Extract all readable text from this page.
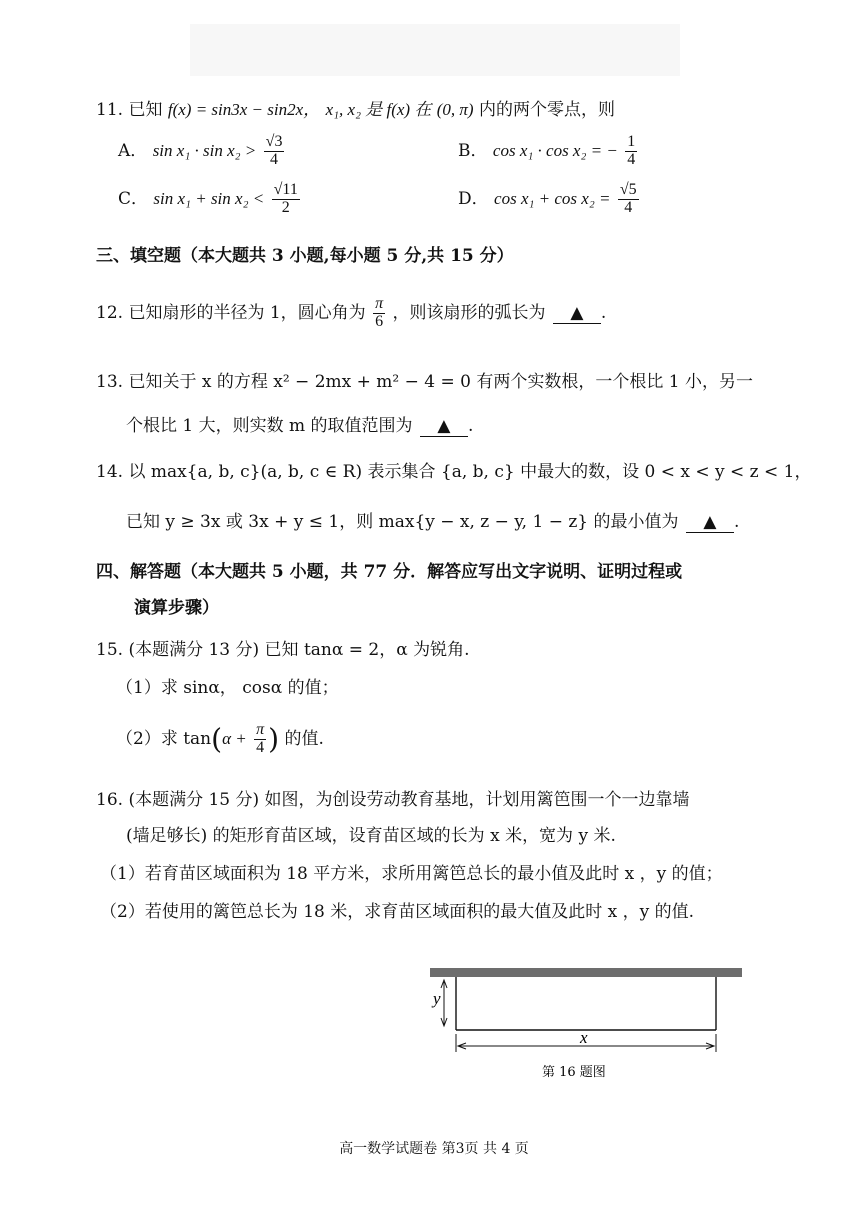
11. 已知 f(x) = sin3x − sin2x， x₁, x₂ 是 f(x) 在 (0, π) 内的两个零点，则
A． $\sin x_1 \cdot \sin x_2 > \frac{√3}{4}$	B． cos x₁ · cos x₂ = − $\frac{1}{4}$
C． $\sin x_1 + \sin x_2 < \frac{√11}{2}$	D． $\cos x_1 + \cos x_2 = \frac{√5}{4}$
三、填空题（本大题共 3 小题,每小题 5 分,共 15 分）
12. 已知扇形的半径为 1，圆心角为 $\frac{\pi}{6}$ ，则该扇形的弧长为 ▲ .
13. 已知关于 x 的方程 x² − 2mx + m² − 4 = 0 有两个实数根，一个根比 1 小，另一
个根比 1 大，则实数 m 的取值范围为 ▲ .
14. 以 max{a, b, c}(a, b, c ∈ R) 表示集合 {a, b, c} 中最大的数，设 0 < x < y < z < 1，
已知 y ≥ 3x 或 3x + y ≤ 1，则 max{y − x, z − y, 1 − z} 的最小值为 ▲ .
四、解答题（本大题共 5 小题，共 77 分．解答应写出文字说明、证明过程或
演算步骤）
15. (本题满分 13 分) 已知 tanα = 2，α 为锐角.
（1）求 sinα， cosα 的值；
（2）求 $\tan(\alpha + \frac{\pi}{4}$ ) 的值.
16. (本题满分 15 分) 如图，为创设劳动教育基地，计划用篱笆围一个一边靠墙
(墙足够长) 的矩形育苗区域，设育苗区域的长为 x 米，宽为 y 米.
（1）若育苗区域面积为 18 平方米，求所用篱笆总长的最小值及此时 x ，y 的值；
（2）若使用的篱笆总长为 18 米，求育苗区域面积的最大值及此时 x ，y 的值.
y
x
第 16 题图
高一数学试题卷 第3页 共 4 页
